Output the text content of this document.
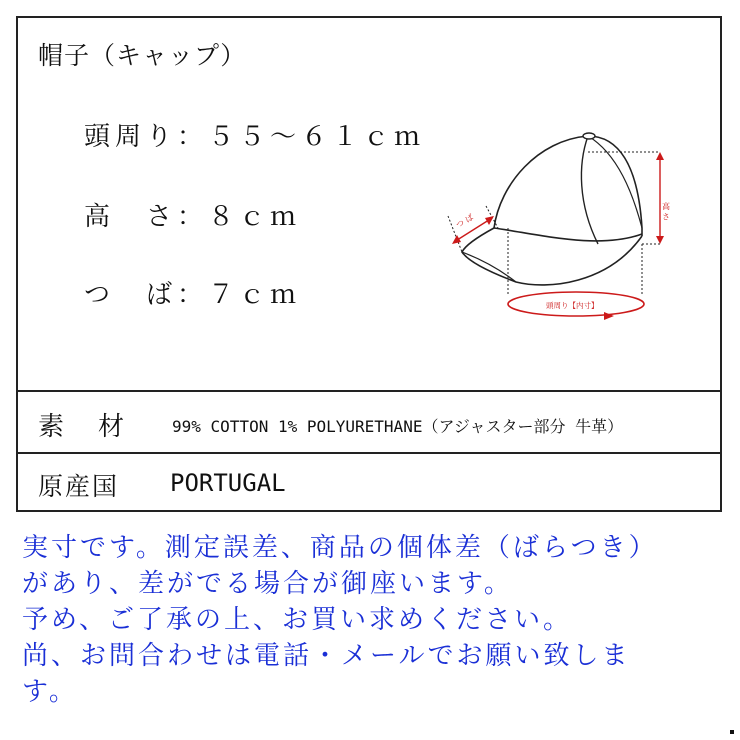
帽子（キャップ）
頭周り：５５〜６１ｃｍ
高　さ：８ｃｍ
つ　ば：７ｃｍ
高 さ
つ ば
頭周り【内寸】
素　材	99% COTTON 1% POLYURETHANE（アジャスター部分 牛革）
原産国 PORTUGAL
実寸です。測定誤差、商品の個体差（ばらつき）
があり、差がでる場合が御座います。
予め、ご了承の上、お買い求めください。
尚、お問合わせは電話・メールでお願い致しま
す。
